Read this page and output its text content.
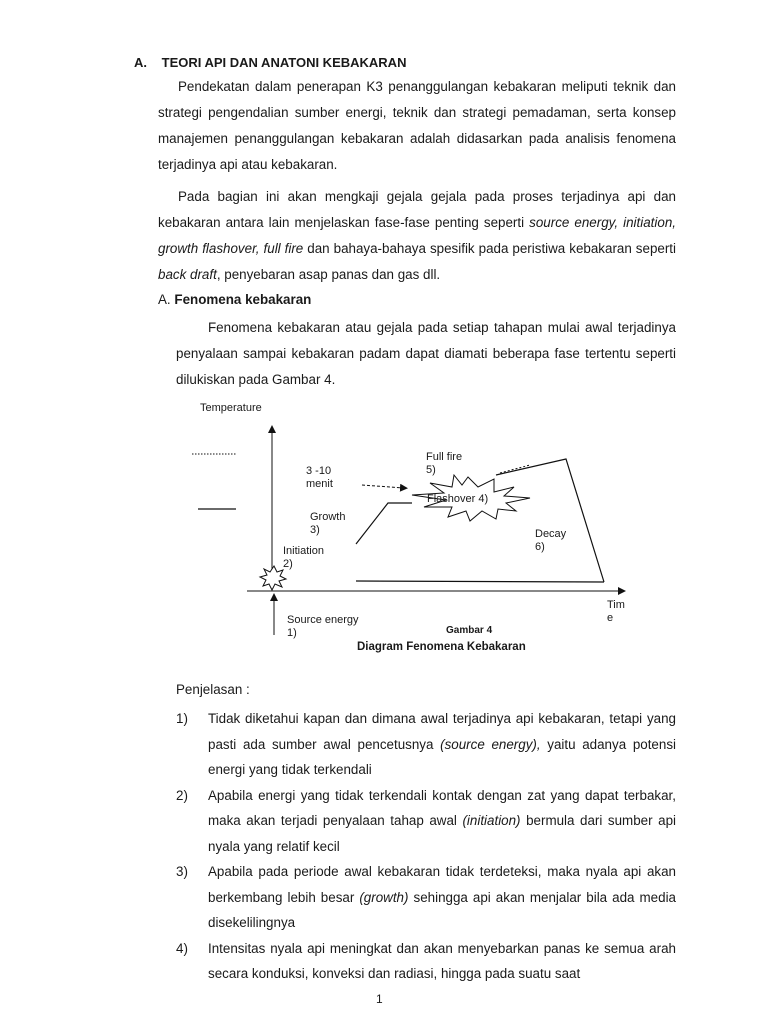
A. TEORI API DAN ANATONI KEBAKARAN

Pendekatan dalam penerapan K3 penanggulangan kebakaran meliputi teknik dan strategi pengendalian sumber energi, teknik dan strategi pemadaman, serta konsep manajemen penanggulangan kebakaran adalah didasarkan pada analisis fenomena terjadinya api atau kebakaran.

Pada bagian ini akan mengkaji gejala gejala pada proses terjadinya api dan kebakaran antara lain menjelaskan fase-fase penting seperti source energy, initiation, growth flashover, full fire dan bahaya-bahaya spesifik pada peristiwa kebakaran seperti back draft, penyebaran asap panas dan gas dll.

A. Fenomena kebakaran

Fenomena kebakaran atau gejala pada setiap tahapan mulai awal terjadinya penyalaan sampai kebakaran padam dapat diamati beberapa fase tertentu seperti dilukiskan pada Gambar 4.

Temperature
Tim
e
Source energy
1)
Initiation
2)
Growth
3)
3 -10
menit
Flashover 4)
Full fire
5)
Decay
6)
Gambar 4
Diagram Fenomena Kebakaran
Penjelasan :
1) Tidak diketahui kapan dan dimana awal terjadinya api kebakaran, tetapi yang pasti ada sumber awal pencetusnya (source energy), yaitu adanya potensi energi yang tidak terkendali
2) Apabila energi yang tidak terkendali kontak dengan zat yang dapat terbakar, maka akan terjadi penyalaan tahap awal (initiation) bermula dari sumber api nyala yang relatif kecil
3) Apabila pada periode awal kebakaran tidak terdeteksi, maka nyala api akan berkembang lebih besar (growth) sehingga api akan menjalar bila ada media disekelilingnya
4) Intensitas nyala api meningkat dan akan menyebarkan panas ke semua arah secara konduksi, konveksi dan radiasi, hingga pada suatu saat
1
